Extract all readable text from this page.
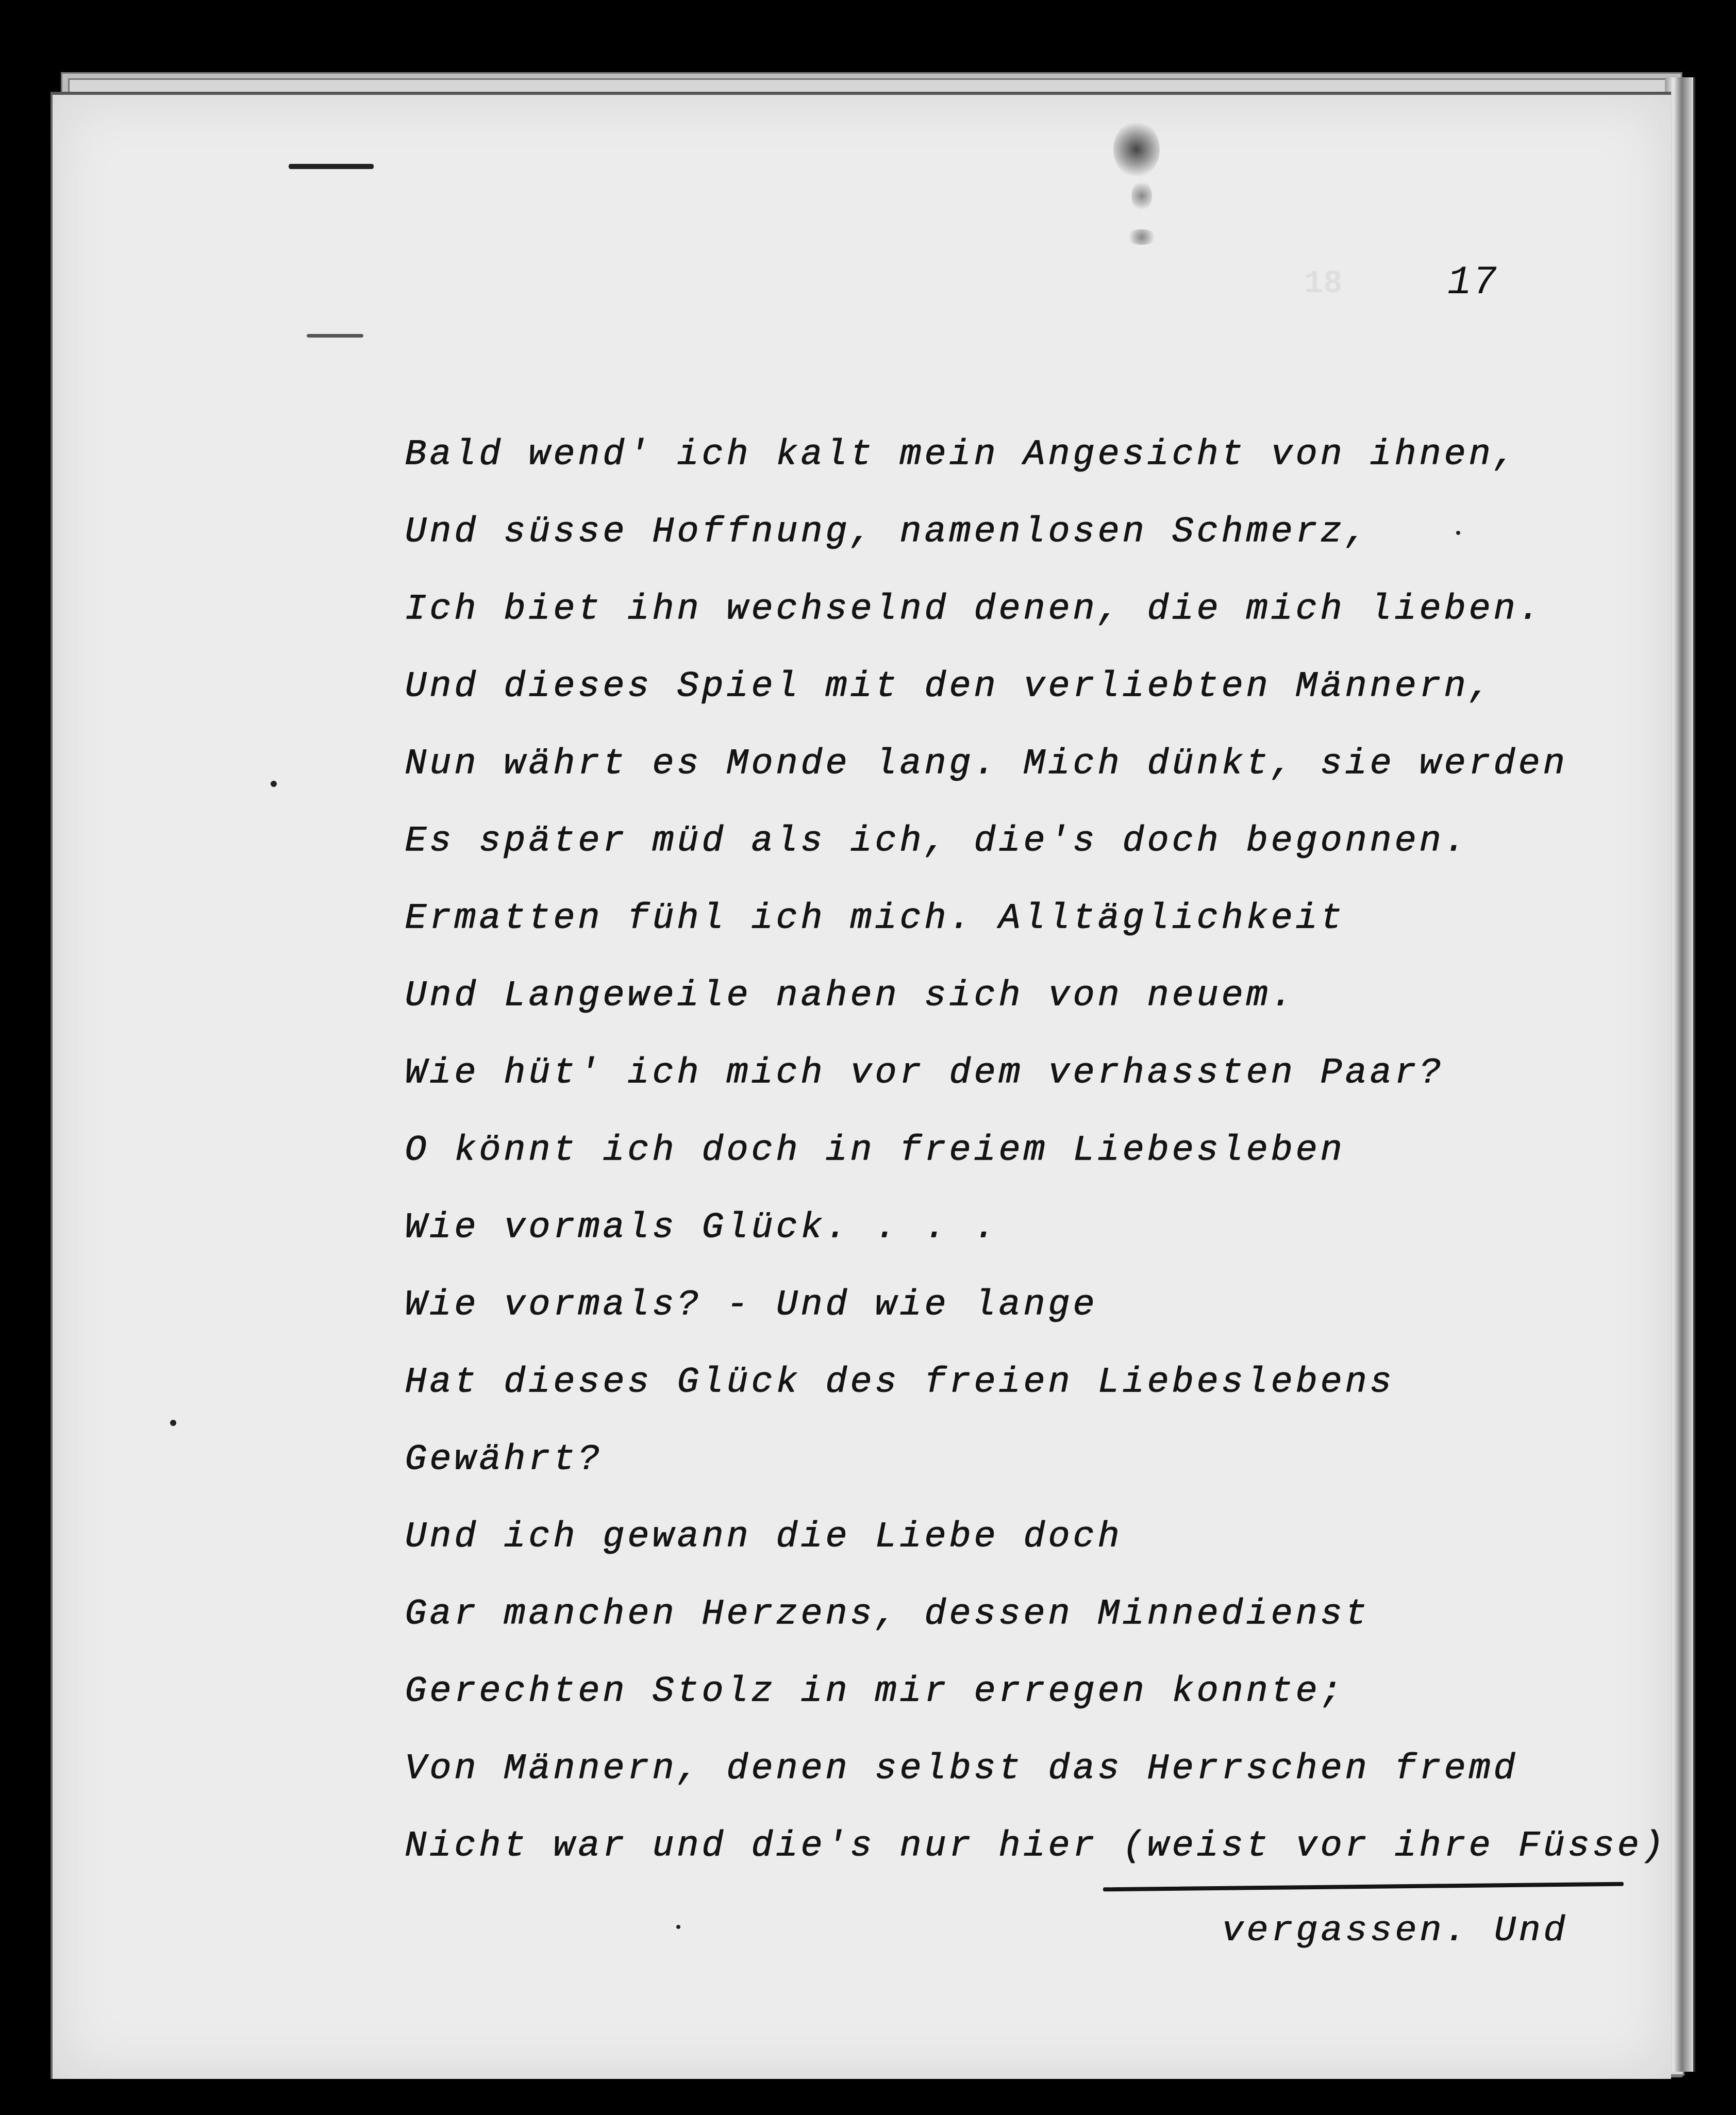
18	17
Bald wend' ich kalt mein Angesicht von ihnen,
Und süsse Hoffnung, namenlosen Schmerz,
Ich biet ihn wechselnd denen, die mich lieben.
Und dieses Spiel mit den verliebten Männern,
Nun währt es Monde lang. Mich dünkt, sie werden
Es später müd als ich, die's doch begonnen.
Ermatten fühl ich mich. Alltäglichkeit
Und Langeweile nahen sich von neuem.
Wie hüt' ich mich vor dem verhassten Paar?
O könnt ich doch in freiem Liebesleben
Wie vormals Glück. . . .
Wie vormals? - Und wie lange
Hat dieses Glück des freien Liebeslebens
Gewährt?
Und ich gewann die Liebe doch
Gar manchen Herzens, dessen Minnedienst
Gerechten Stolz in mir erregen konnte;
Von Männern, denen selbst das Herrschen fremd
Nicht war und die's nur hier (weist vor ihre Füsse)
vergassen. Und
